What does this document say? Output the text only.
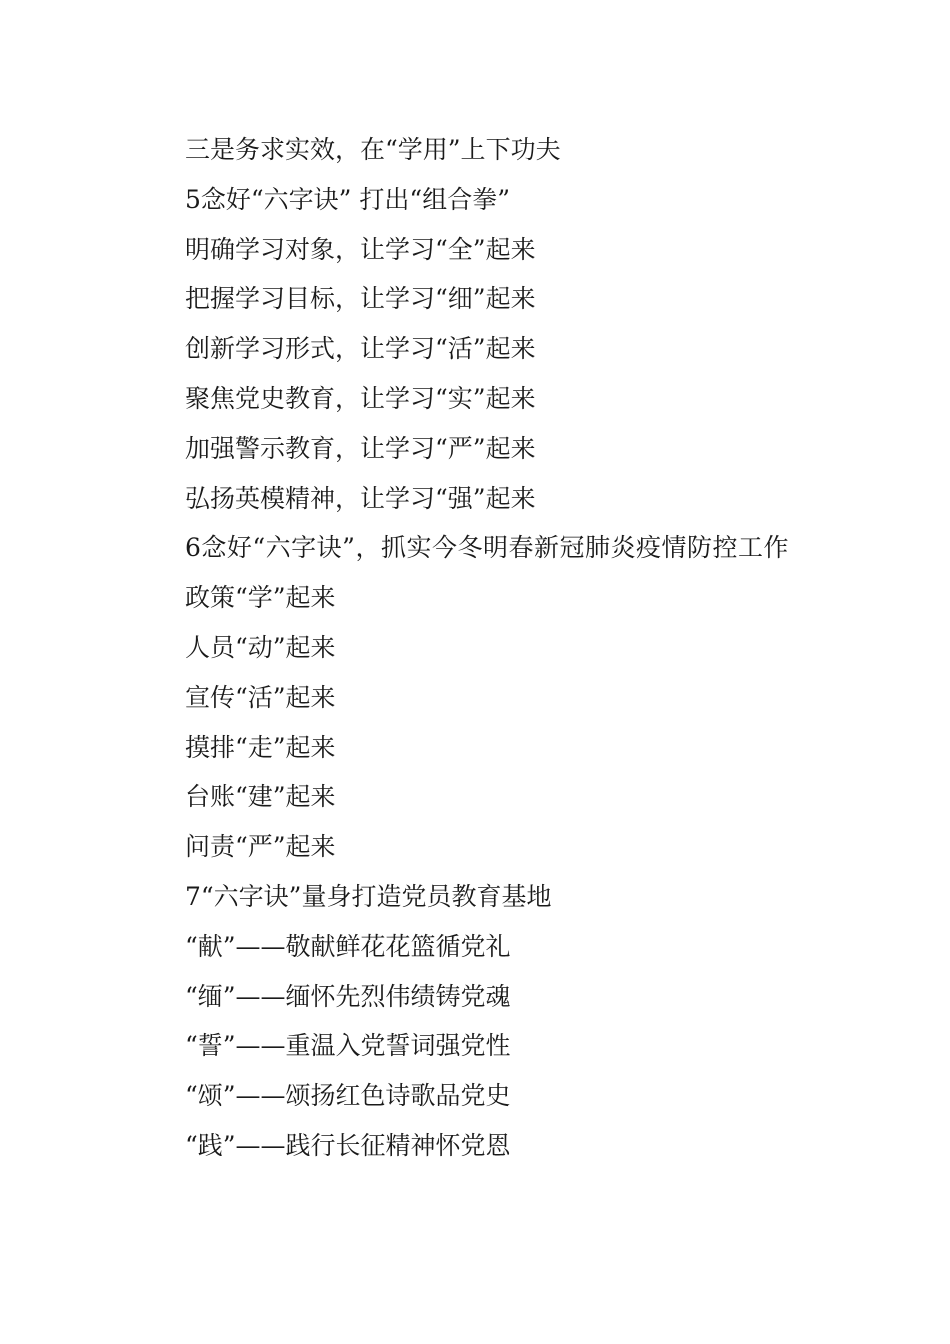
三是务求实效，在“学用”上下功夫
5念好“六字诀” 打出“组合拳”
明确学习对象，让学习“全”起来
把握学习目标，让学习“细”起来
创新学习形式，让学习“活”起来
聚焦党史教育，让学习“实”起来
加强警示教育，让学习“严”起来
弘扬英模精神，让学习“强”起来
6念好“六字诀”，抓实今冬明春新冠肺炎疫情防控工作
政策“学”起来
人员“动”起来
宣传“活”起来
摸排“走”起来
台账“建”起来
问责“严”起来
7“六字诀”量身打造党员教育基地
“献”——敬献鲜花花篮循党礼
“缅”——缅怀先烈伟绩铸党魂
“誓”——重温入党誓词强党性
“颂”——颂扬红色诗歌品党史
“践”——践行长征精神怀党恩
